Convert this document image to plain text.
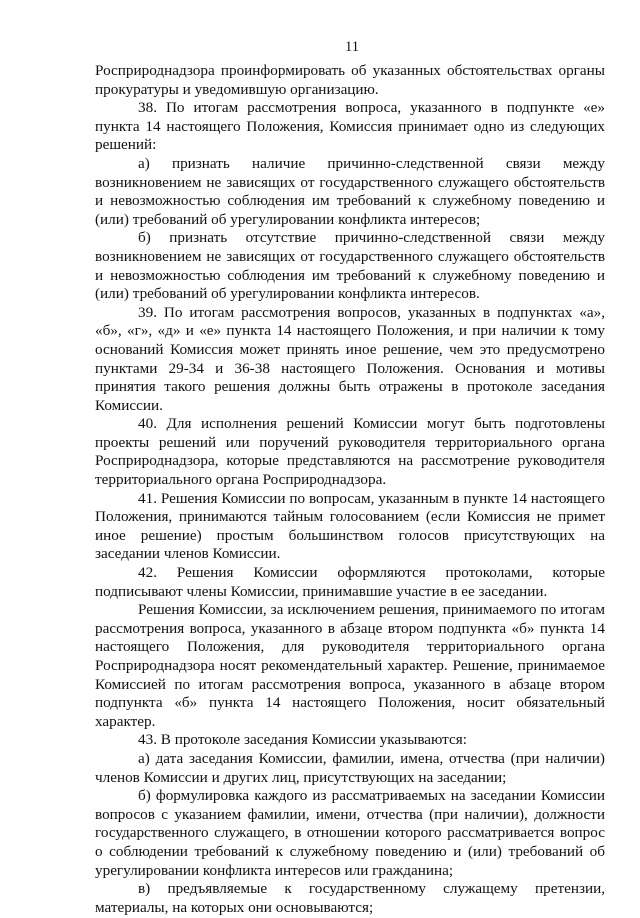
11

Росприроднадзора проинформировать об указанных обстоятельствах органы прокуратуры и уведомившую организацию.

38. По итогам рассмотрения вопроса, указанного в подпункте «е» пункта 14 настоящего Положения, Комиссия принимает одно из следующих решений:

а) признать наличие причинно-следственной связи между возникновением не зависящих от государственного служащего обстоятельств и невозможностью соблюдения им требований к служебному поведению и (или) требований об урегулировании конфликта интересов;

б) признать отсутствие причинно-следственной связи между возникновением не зависящих от государственного служащего обстоятельств и невозможностью соблюдения им требований к служебному поведению и (или) требований об урегулировании конфликта интересов.

39. По итогам рассмотрения вопросов, указанных в подпунктах «а», «б», «г», «д» и «е» пункта 14 настоящего Положения, и при наличии к тому оснований Комиссия может принять иное решение, чем это предусмотрено пунктами 29-34 и 36-38 настоящего Положения. Основания и мотивы принятия такого решения должны быть отражены в протоколе заседания Комиссии.

40. Для исполнения решений Комиссии могут быть подготовлены проекты решений или поручений руководителя территориального органа Росприроднадзора, которые представляются на рассмотрение руководителя территориального органа Росприроднадзора.

41. Решения Комиссии по вопросам, указанным в пункте 14 настоящего Положения, принимаются тайным голосованием (если Комиссия не примет иное решение) простым большинством голосов присутствующих на заседании членов Комиссии.

42. Решения Комиссии оформляются протоколами, которые подписывают члены Комиссии, принимавшие участие в ее заседании.

Решения Комиссии, за исключением решения, принимаемого по итогам рассмотрения вопроса, указанного в абзаце втором подпункта «б» пункта 14 настоящего Положения, для руководителя территориального органа Росприроднадзора носят рекомендательный характер. Решение, принимаемое Комиссией по итогам рассмотрения вопроса, указанного в абзаце втором подпункта «б» пункта 14 настоящего Положения, носит обязательный характер.

43. В протоколе заседания Комиссии указываются:

а) дата заседания Комиссии, фамилии, имена, отчества (при наличии) членов Комиссии и других лиц, присутствующих на заседании;

б) формулировка каждого из рассматриваемых на заседании Комиссии вопросов с указанием фамилии, имени, отчества (при наличии), должности государственного служащего, в отношении которого рассматривается вопрос о соблюдении требований к служебному поведению и (или) требований об урегулировании конфликта интересов или гражданина;

в) предъявляемые к государственному служащему претензии, материалы, на которых они основываются;
